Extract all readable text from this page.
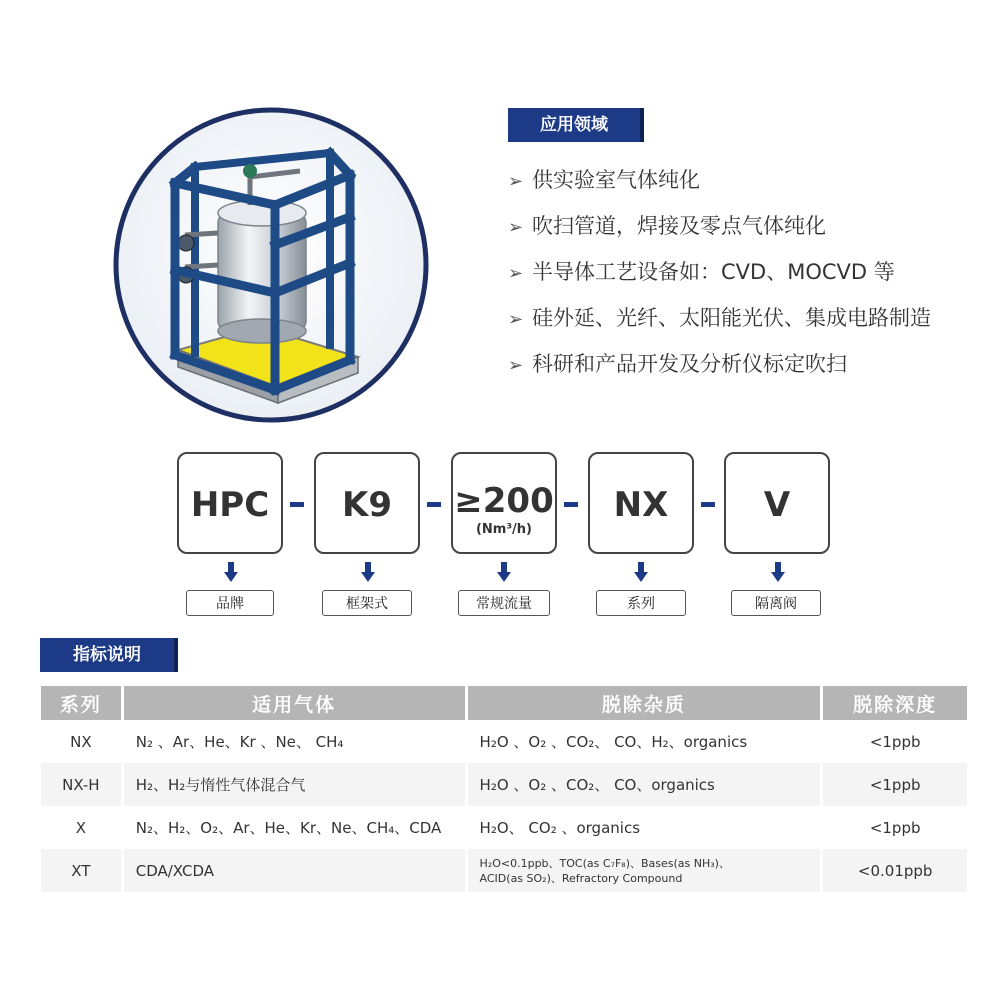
应用领域
➢ 供实验室气体纯化
➢ 吹扫管道，焊接及零点气体纯化
➢ 半导体工艺设备如：CVD、MOCVD 等
➢ 硅外延、光纤、太阳能光伏、集成电路制造
➢ 科研和产品开发及分析仪标定吹扫
HPC	K9	≥200
(Nm³/h)
NX	V
品牌	框架式	常规流量	系列	隔离阀
指标说明
系列	适用气体	脱除杂质	脱除深度
NX	N₂ 、Ar、He、Kr 、Ne、 CH₄	H₂O 、O₂ 、CO₂、 CO、H₂、organics	<1ppb
NX-H	H₂、H₂与惰性气体混合气	H₂O 、O₂ 、CO₂、 CO、organics	<1ppb
X	N₂、H₂、O₂、Ar、He、Kr、Ne、CH₄、CDA	H₂O、 CO₂ 、organics	<1ppb
XT	CDA/XCDA	H₂O<0.1ppb、TOC(as C₇F₈)、Bases(as NH₃)、
ACID(as SO₂)、Refractory Compound	<0.01ppb
